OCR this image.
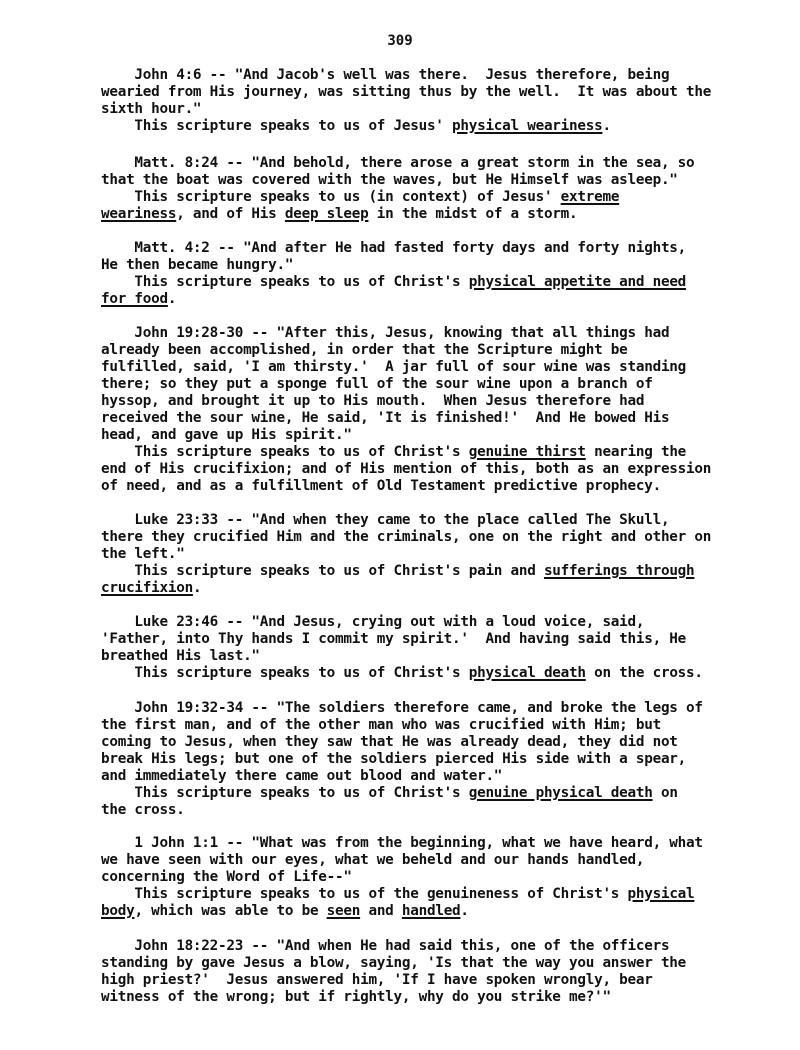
309

John 4:6 -- "And Jacob's well was there.  Jesus therefore, being
wearied from His journey, was sitting thus by the well.  It was about the
sixth hour."
This scripture speaks to us of Jesus' physical weariness.
Matt. 8:24 -- "And behold, there arose a great storm in the sea, so
that the boat was covered with the waves, but He Himself was asleep."
This scripture speaks to us (in context) of Jesus' extreme
weariness, and of His deep sleep in the midst of a storm.
Matt. 4:2 -- "And after He had fasted forty days and forty nights,
He then became hungry."
This scripture speaks to us of Christ's physical appetite and need
for food.
John 19:28-30 -- "After this, Jesus, knowing that all things had
already been accomplished, in order that the Scripture might be
fulfilled, said, 'I am thirsty.'  A jar full of sour wine was standing
there; so they put a sponge full of the sour wine upon a branch of
hyssop, and brought it up to His mouth.  When Jesus therefore had
received the sour wine, He said, 'It is finished!'  And He bowed His
head, and gave up His spirit."
This scripture speaks to us of Christ's genuine thirst nearing the
end of His crucifixion; and of His mention of this, both as an expression
of need, and as a fulfillment of Old Testament predictive prophecy.
Luke 23:33 -- "And when they came to the place called The Skull,
there they crucified Him and the criminals, one on the right and other on
the left."
This scripture speaks to us of Christ's pain and sufferings through
crucifixion.
Luke 23:46 -- "And Jesus, crying out with a loud voice, said,
'Father, into Thy hands I commit my spirit.'  And having said this, He
breathed His last."
This scripture speaks to us of Christ's physical death on the cross.
John 19:32-34 -- "The soldiers therefore came, and broke the legs of
the first man, and of the other man who was crucified with Him; but
coming to Jesus, when they saw that He was already dead, they did not
break His legs; but one of the soldiers pierced His side with a spear,
and immediately there came out blood and water."
This scripture speaks to us of Christ's genuine physical death on
the cross.
1 John 1:1 -- "What was from the beginning, what we have heard, what
we have seen with our eyes, what we beheld and our hands handled,
concerning the Word of Life--"
This scripture speaks to us of the genuineness of Christ's physical
body, which was able to be seen and handled.
John 18:22-23 -- "And when He had said this, one of the officers
standing by gave Jesus a blow, saying, 'Is that the way you answer the
high priest?'  Jesus answered him, 'If I have spoken wrongly, bear
witness of the wrong; but if rightly, why do you strike me?'"
